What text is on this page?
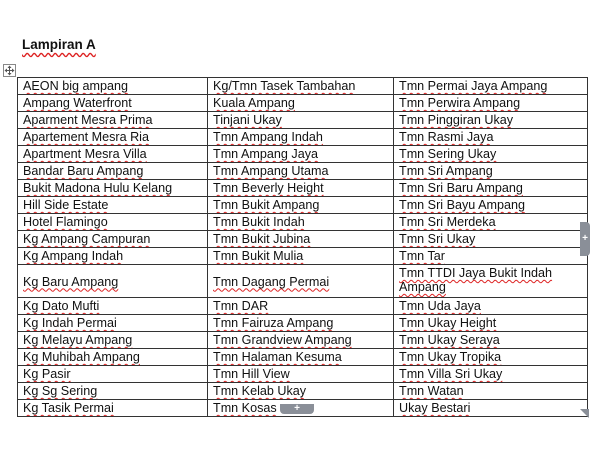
Lampiran A
AEON big ampang	Kg/Tmn Tasek Tambahan	Tmn Permai Jaya Ampang
Ampang Waterfront	Kuala Ampang	Tmn Perwira Ampang
Aparment Mesra Prima	Tinjani Ukay	Tmn Pinggiran Ukay
Apartement Mesra Ria	Tmn Ampang Indah	Tmn Rasmi Jaya
Apartment Mesra Villa	Tmn Ampang Jaya	Tmn Sering Ukay
Bandar Baru Ampang	Tmn Ampang Utama	Tmn Sri Ampang
Bukit Madona Hulu Kelang	Tmn Beverly Height	Tmn Sri Baru Ampang
Hill Side Estate	Tmn Bukit Ampang	Tmn Sri Bayu Ampang
Hotel Flamingo	Tmn Bukit Indah	Tmn Sri Merdeka
Kg Ampang Campuran	Tmn Bukit Jubina	Tmn Sri Ukay
Kg Ampang Indah	Tmn Bukit Mulia	Tmn Tar
Kg Baru Ampang	Tmn Dagang Permai	Tmn TTDI Jaya Bukit Indah Ampang
Kg Dato Mufti	Tmn DAR	Tmn Uda Jaya
Kg Indah Permai	Tmn Fairuza Ampang	Tmn Ukay Height
Kg Melayu Ampang	Tmn Grandview Ampang	Tmn Ukay Seraya
Kg Muhibah Ampang	Tmn Halaman Kesuma	Tmn Ukay Tropika
Kg Pasir	Tmn Hill View	Tmn Villa Sri Ukay
Kg Sg Sering	Tmn Kelab Ukay	Tmn Watan
Kg Tasik Permai	Tmn Kosas	Ukay Bestari
+
+
